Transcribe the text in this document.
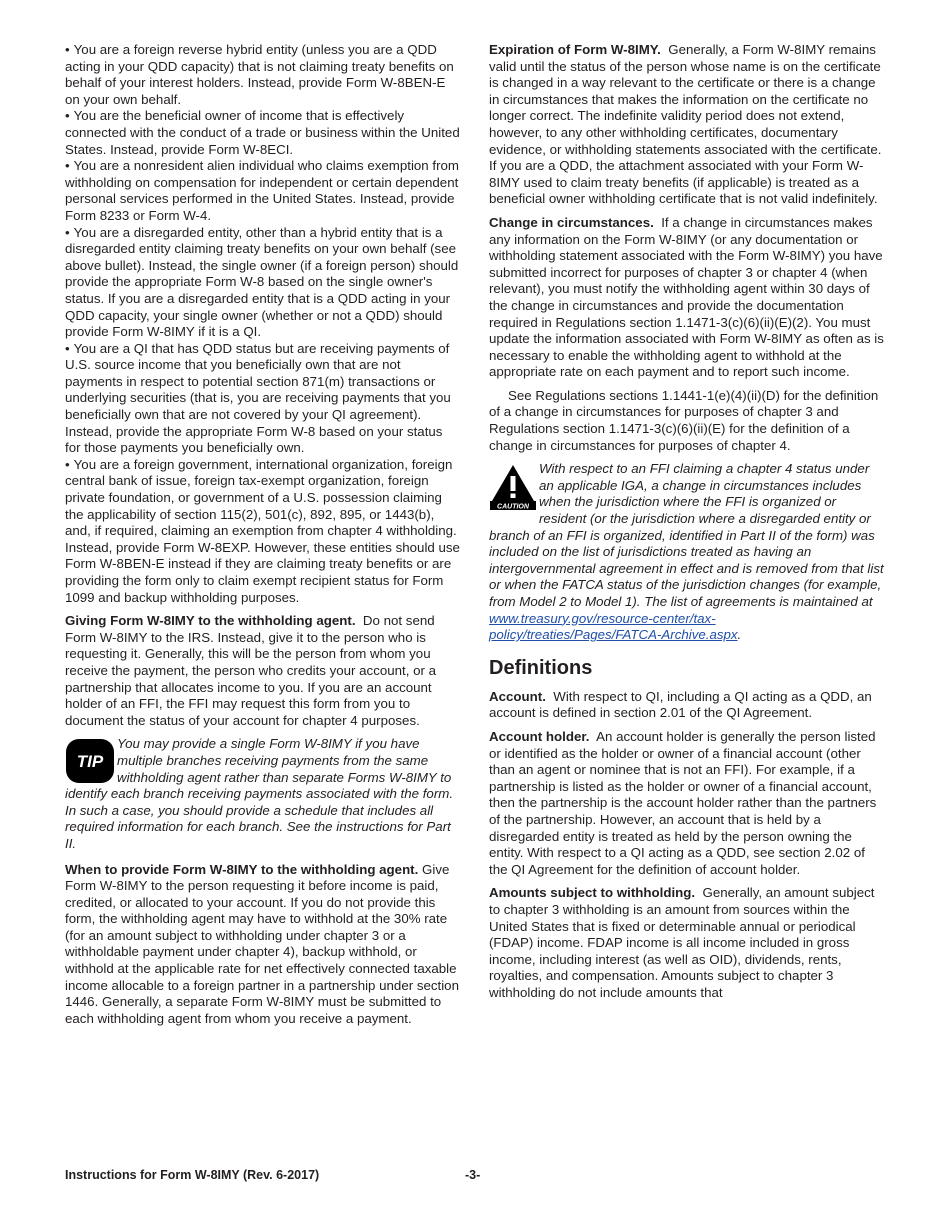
• You are a foreign reverse hybrid entity (unless you are a QDD acting in your QDD capacity) that is not claiming treaty benefits on behalf of your interest holders. Instead, provide Form W-8BEN-E on your own behalf.
• You are the beneficial owner of income that is effectively connected with the conduct of a trade or business within the United States. Instead, provide Form W-8ECI.
• You are a nonresident alien individual who claims exemption from withholding on compensation for independent or certain dependent personal services performed in the United States. Instead, provide Form 8233 or Form W-4.
• You are a disregarded entity, other than a hybrid entity that is a disregarded entity claiming treaty benefits on your own behalf (see above bullet). Instead, the single owner (if a foreign person) should provide the appropriate Form W-8 based on the single owner's status. If you are a disregarded entity that is a QDD acting in your QDD capacity, your single owner (whether or not a QDD) should provide Form W-8IMY if it is a QI.
• You are a QI that has QDD status but are receiving payments of U.S. source income that you beneficially own that are not payments in respect to potential section 871(m) transactions or underlying securities (that is, you are receiving payments that you beneficially own that are not covered by your QI agreement). Instead, provide the appropriate Form W-8 based on your status for those payments you beneficially own.
• You are a foreign government, international organization, foreign central bank of issue, foreign tax-exempt organization, foreign private foundation, or government of a U.S. possession claiming the applicability of section 115(2), 501(c), 892, 895, or 1443(b), and, if required, claiming an exemption from chapter 4 withholding. Instead, provide Form W-8EXP. However, these entities should use Form W-8BEN-E instead if they are claiming treaty benefits or are providing the form only to claim exempt recipient status for Form 1099 and backup withholding purposes.

Giving Form W-8IMY to the withholding agent. Do not send Form W-8IMY to the IRS. Instead, give it to the person who is requesting it. Generally, this will be the person from whom you receive the payment, the person who credits your account, or a partnership that allocates income to you. If you are an account holder of an FFI, the FFI may request this form from you to document the status of your account for chapter 4 purposes.

TIP
You may provide a single Form W-8IMY if you have multiple branches receiving payments from the same withholding agent rather than separate Forms W-8IMY to identify each branch receiving payments associated with the form. In such a case, you should provide a schedule that includes all required information for each branch. See the instructions for Part II.

When to provide Form W-8IMY to the withholding agent. Give Form W-8IMY to the person requesting it before income is paid, credited, or allocated to your account. If you do not provide this form, the withholding agent may have to withhold at the 30% rate (for an amount subject to withholding under chapter 3 or a withholdable payment under chapter 4), backup withhold, or withhold at the applicable rate for net effectively connected taxable income allocable to a foreign partner in a partnership under section 1446. Generally, a separate Form W-8IMY must be submitted to each withholding agent from whom you receive a payment.

Expiration of Form W-8IMY. Generally, a Form W-8IMY remains valid until the status of the person whose name is on the certificate is changed in a way relevant to the certificate or there is a change in circumstances that makes the information on the certificate no longer correct. The indefinite validity period does not extend, however, to any other withholding certificates, documentary evidence, or withholding statements associated with the certificate. If you are a QDD, the attachment associated with your Form W-8IMY used to claim treaty benefits (if applicable) is treated as a beneficial owner withholding certificate that is not valid indefinitely.

Change in circumstances. If a change in circumstances makes any information on the Form W-8IMY (or any documentation or withholding statement associated with the Form W-8IMY) you have submitted incorrect for purposes of chapter 3 or chapter 4 (when relevant), you must notify the withholding agent within 30 days of the change in circumstances and provide the documentation required in Regulations section 1.1471-3(c)(6)(ii)(E)(2). You must update the information associated with Form W-8IMY as often as is necessary to enable the withholding agent to withhold at the appropriate rate on each payment and to report such income.

See Regulations sections 1.1441-1(e)(4)(ii)(D) for the definition of a change in circumstances for purposes of chapter 3 and Regulations section 1.1471-3(c)(6)(ii)(E) for the definition of a change in circumstances for purposes of chapter 4.

CAUTION
With respect to an FFI claiming a chapter 4 status under an applicable IGA, a change in circumstances includes when the jurisdiction where the FFI is organized or resident (or the jurisdiction where a disregarded entity or branch of an FFI is organized, identified in Part II of the form) was included on the list of jurisdictions treated as having an intergovernmental agreement in effect and is removed from that list or when the FATCA status of the jurisdiction changes (for example, from Model 2 to Model 1). The list of agreements is maintained at www.treasury.gov/resource-center/tax-policy/treaties/Pages/FATCA-Archive.aspx.
Definitions

Account. With respect to QI, including a QI acting as a QDD, an account is defined in section 2.01 of the QI Agreement.

Account holder. An account holder is generally the person listed or identified as the holder or owner of a financial account (other than an agent or nominee that is not an FFI). For example, if a partnership is listed as the holder or owner of a financial account, then the partnership is the account holder rather than the partners of the partnership. However, an account that is held by a disregarded entity is treated as held by the person owning the entity. With respect to a QI acting as a QDD, see section 2.02 of the QI Agreement for the definition of account holder.

Amounts subject to withholding. Generally, an amount subject to chapter 3 withholding is an amount from sources within the United States that is fixed or determinable annual or periodical (FDAP) income. FDAP income is all income included in gross income, including interest (as well as OID), dividends, rents, royalties, and compensation. Amounts subject to chapter 3 withholding do not include amounts that

Instructions for Form W-8IMY (Rev. 6-2017)	-3-
